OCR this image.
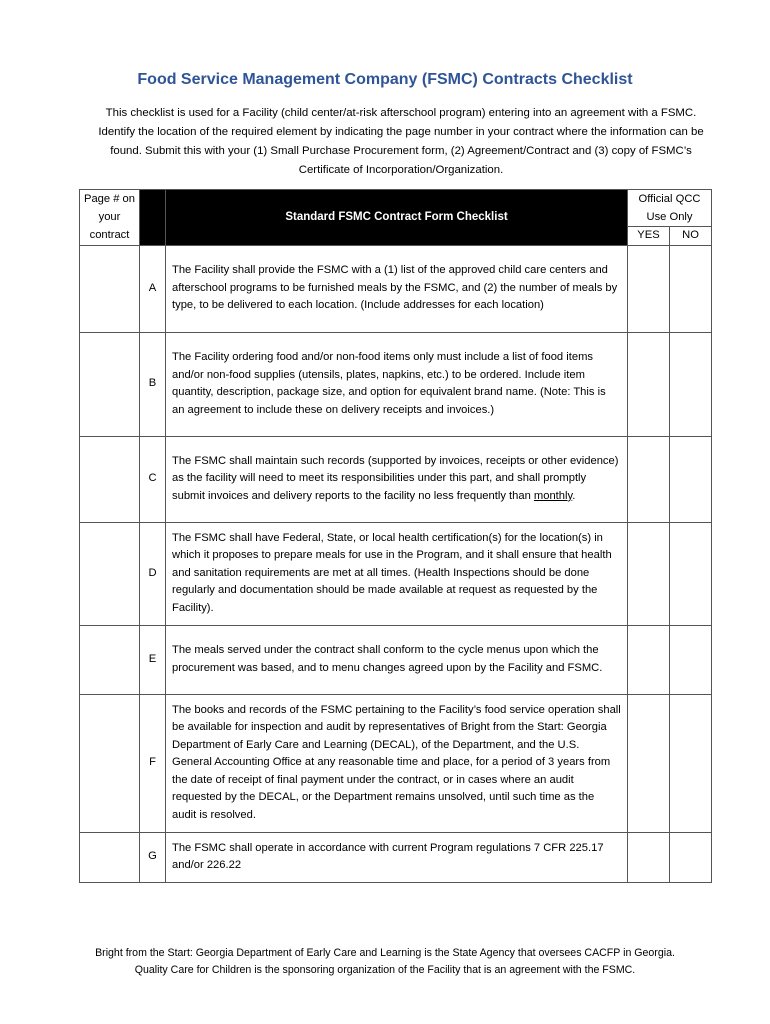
Food Service Management Company (FSMC) Contracts Checklist
This checklist is used for a Facility (child center/at-risk afterschool program) entering into an agreement with a FSMC. Identify the location of the required element by indicating the page number in your contract where the information can be found. Submit this with your (1) Small Purchase Procurement form, (2) Agreement/Contract and (3) copy of FSMC’s Certificate of Incorporation/Organization.
Page # on your contract		Standard FSMC Contract Form Checklist	Official QCC Use Only	
			YES	NO
	A	The Facility shall provide the FSMC with a (1) list of the approved child care centers and afterschool programs to be furnished meals by the FSMC, and (2) the number of meals by type, to be delivered to each location. (Include addresses for each location)		
	B	The Facility ordering food and/or non-food items only must include a list of food items and/or non-food supplies (utensils, plates, napkins, etc.) to be ordered. Include item quantity, description, package size, and option for equivalent brand name. (Note: This is an agreement to include these on delivery receipts and invoices.)		
	C	The FSMC shall maintain such records (supported by invoices, receipts or other evidence) as the facility will need to meet its responsibilities under this part, and shall promptly submit invoices and delivery reports to the facility no less frequently than monthly.		
	D	The FSMC shall have Federal, State, or local health certification(s) for the location(s) in which it proposes to prepare meals for use in the Program, and it shall ensure that health and sanitation requirements are met at all times. (Health Inspections should be done regularly and documentation should be made available at request as requested by the Facility).		
	E	The meals served under the contract shall conform to the cycle menus upon which the procurement was based, and to menu changes agreed upon by the Facility and FSMC.		
	F	The books and records of the FSMC pertaining to the Facility’s food service operation shall be available for inspection and audit by representatives of Bright from the Start: Georgia Department of Early Care and Learning (DECAL), of the Department, and the U.S. General Accounting Office at any reasonable time and place, for a period of 3 years from the date of receipt of final payment under the contract, or in cases where an audit requested by the DECAL, or the Department remains unsolved, until such time as the audit is resolved.		
	G	The FSMC shall operate in accordance with current Program regulations 7 CFR 225.17 and/or 226.22		
Bright from the Start: Georgia Department of Early Care and Learning is the State Agency that oversees CACFP in Georgia.
Quality Care for Children is the sponsoring organization of the Facility that is an agreement with the FSMC.
